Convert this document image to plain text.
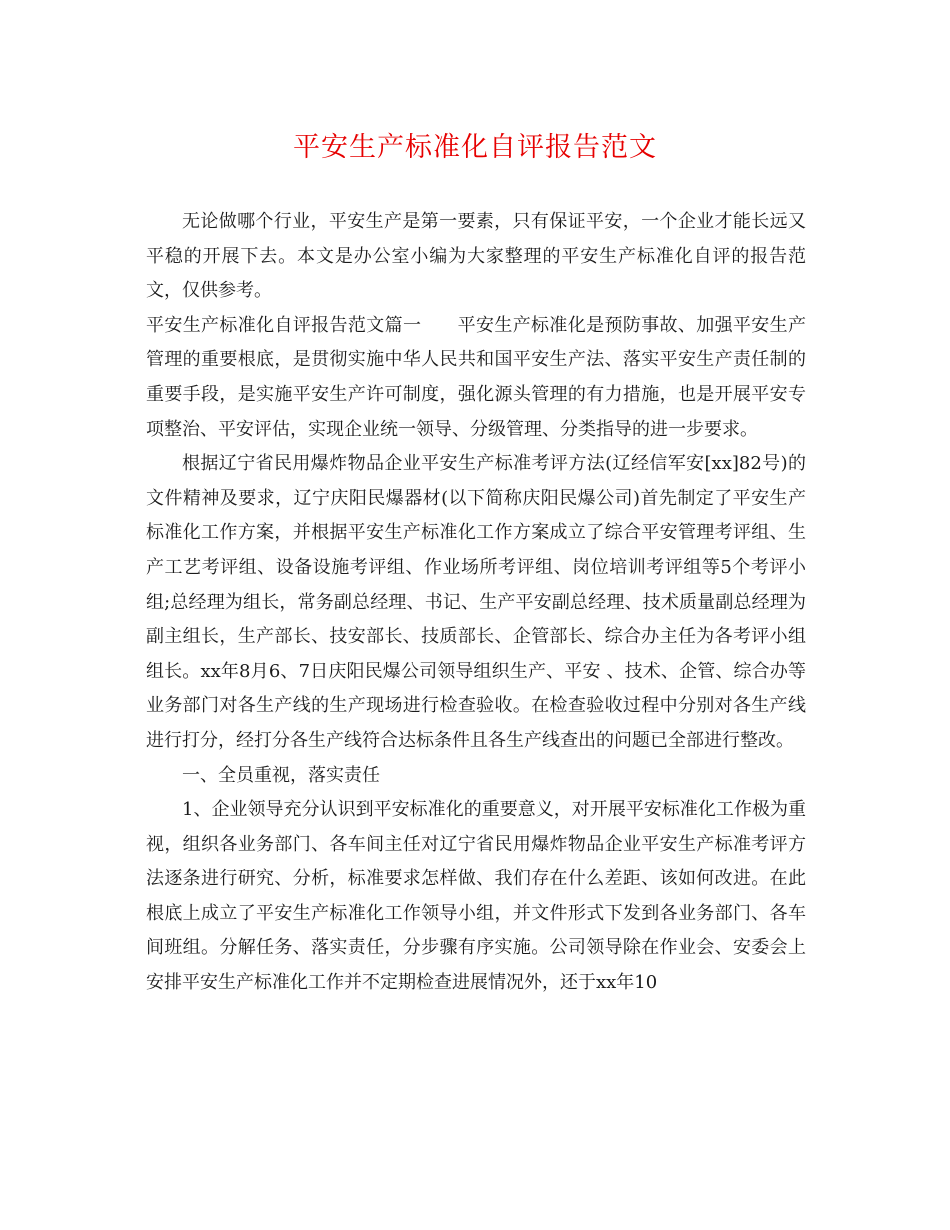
平安生产标准化自评报告范文

无论做哪个行业，平安生产是第一要素，只有保证平安，一个企业才能长远又平稳的开展下去。本文是办公室小编为大家整理的平安生产标准化自评的报告范文，仅供参考。

平安生产标准化自评报告范文篇一 平安生产标准化是预防事故、加强平安生产管理的重要根底，是贯彻实施中华人民共和国平安生产法、落实平安生产责任制的重要手段，是实施平安生产许可制度，强化源头管理的有力措施，也是开展平安专项整治、平安评估，实现企业统一领导、分级管理、分类指导的进一步要求。

根据辽宁省民用爆炸物品企业平安生产标准考评方法(辽经信军安[xx]82号)的文件精神及要求，辽宁庆阳民爆器材(以下简称庆阳民爆公司)首先制定了平安生产标准化工作方案，并根据平安生产标准化工作方案成立了综合平安管理考评组、生产工艺考评组、设备设施考评组、作业场所考评组、岗位培训考评组等5个考评小组;总经理为组长，常务副总经理、书记、生产平安副总经理、技术质量副总经理为副主组长，生产部长、技安部长、技质部长、企管部长、综合办主任为各考评小组组长。xx年8月6、7日庆阳民爆公司领导组织生产、平安 、技术、企管、综合办等业务部门对各生产线的生产现场进行检查验收。在检查验收过程中分别对各生产线进行打分，经打分各生产线符合达标条件且各生产线查出的问题已全部进行整改。

一、全员重视，落实责任

1、企业领导充分认识到平安标准化的重要意义，对开展平安标准化工作极为重视，组织各业务部门、各车间主任对辽宁省民用爆炸物品企业平安生产标准考评方法逐条进行研究、分析，标准要求怎样做、我们存在什么差距、该如何改进。在此根底上成立了平安生产标准化工作领导小组，并文件形式下发到各业务部门、各车间班组。分解任务、落实责任，分步骤有序实施。公司领导除在作业会、安委会上安排平安生产标准化工作并不定期检查进展情况外，还于xx年10
